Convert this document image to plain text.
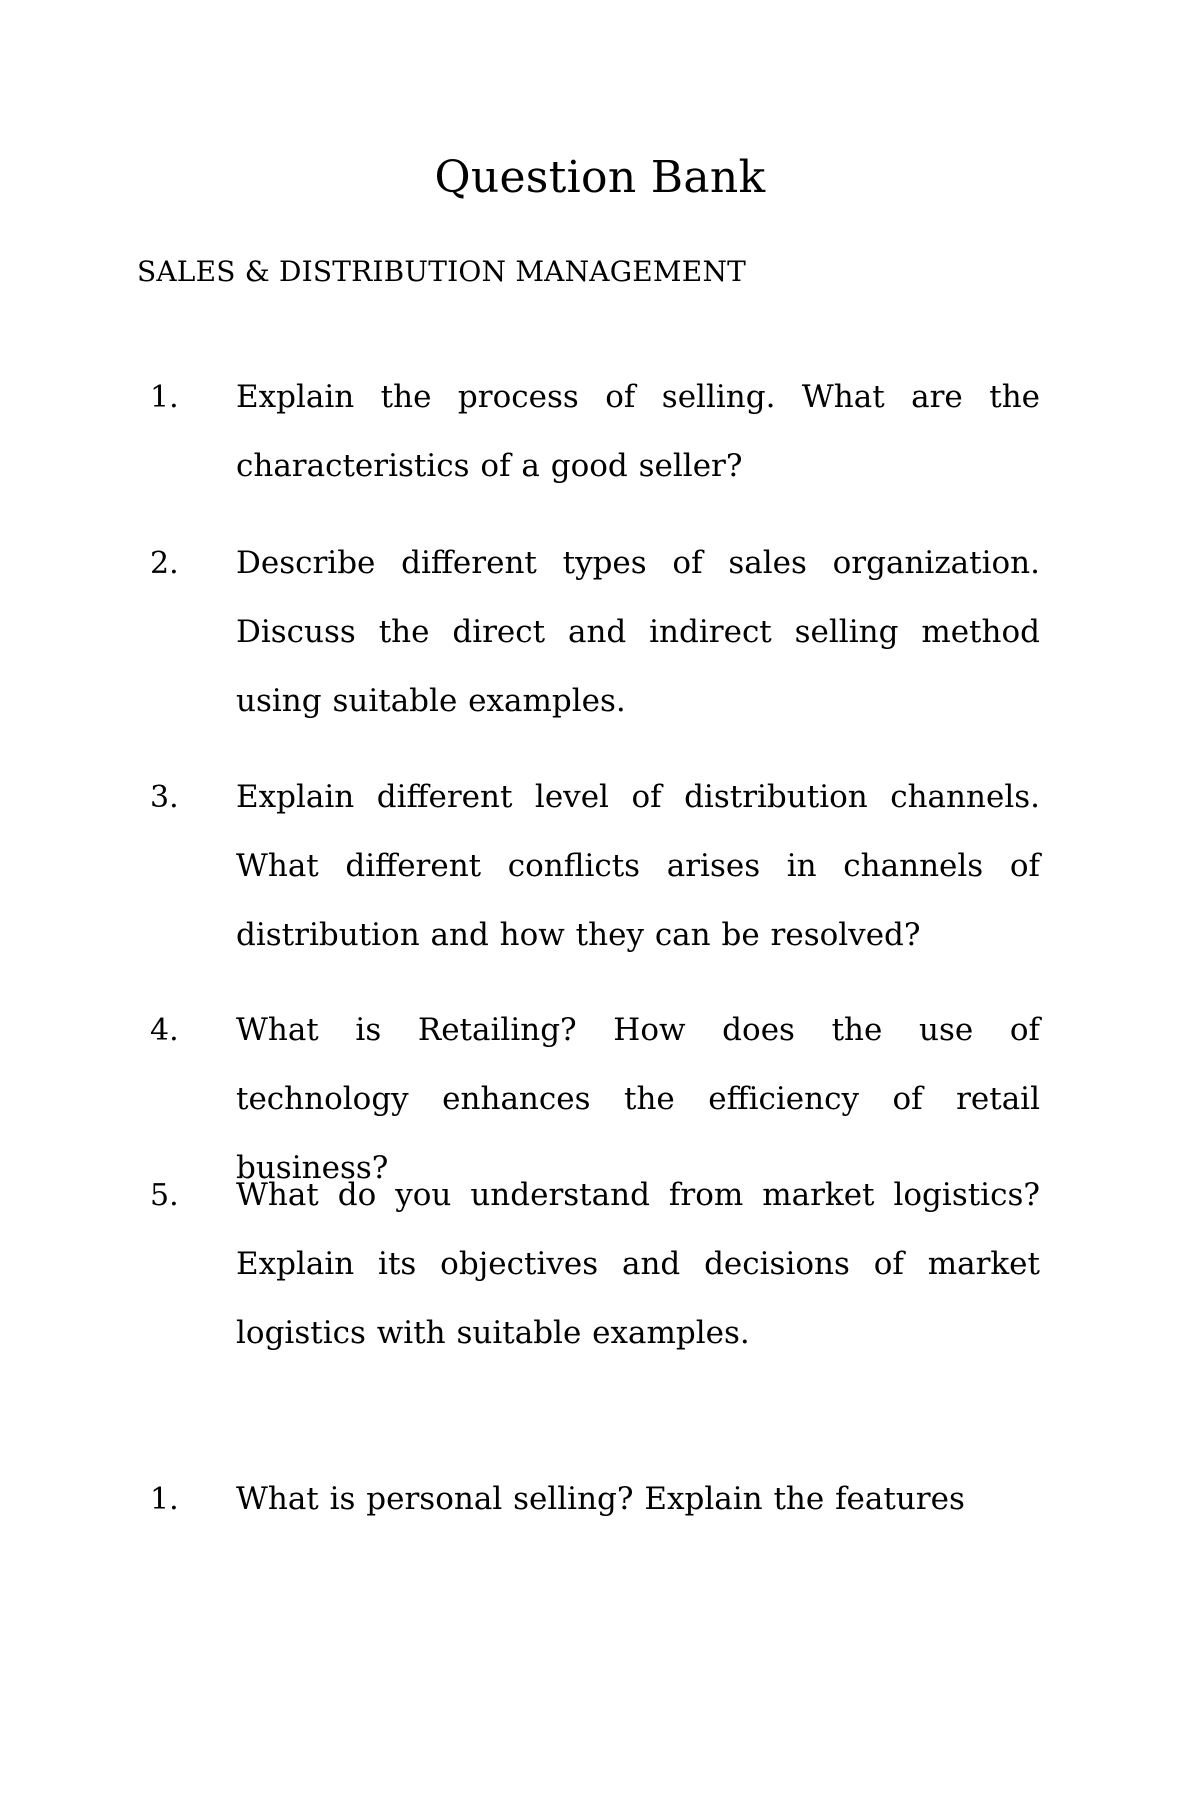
Question Bank
SALES & DISTRIBUTION MANAGEMENT
1. Explain the process of selling. What are the characteristics of a good seller?
2. Describe different types of sales organization. Discuss the direct and indirect selling method using suitable examples.
3. Explain different level of distribution channels. What different conflicts arises in channels of distribution and how they can be resolved?
4. What is Retailing? How does the use of technology enhances the efficiency of retail business?
5. What do you understand from market logistics? Explain its objectives and decisions of market logistics with suitable examples.
1. What is personal selling? Explain the features
